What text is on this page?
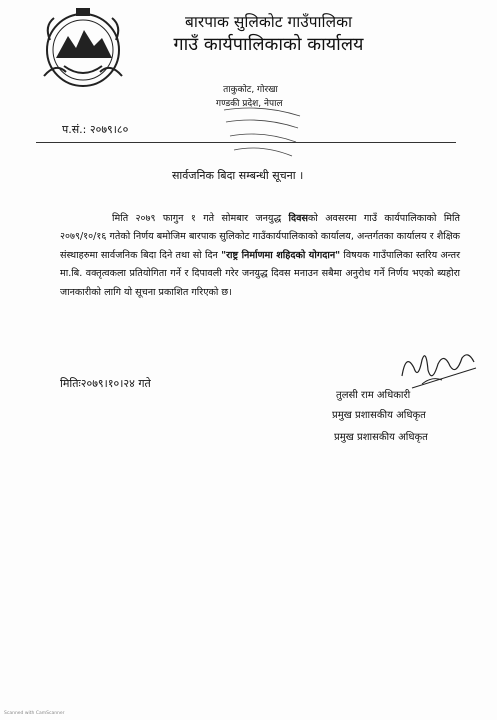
बारपाक सुलिकोट गाउँपालिका
गाउँ कार्यपालिकाको कार्यालय
ताकुकोट, गोरखा
गण्डकी प्रदेश, नेपाल
प.सं.: २०७९।८०
सार्वजनिक बिदा सम्बन्धी सूचना ।
मिति २०७९ फागुन १ गते सोमबार जनयुद्ध दिवसको अवसरमा गाउँ कार्यपालिकाको मिति २०७९/१०/१६ गतेको निर्णय बमोजिम बारपाक सुलिकोट गाउँकार्यपालिकाको कार्यालय, अन्तर्गतका कार्यालय र शैक्षिक संस्थाहरुमा सार्वजनिक बिदा दिने तथा सो दिन "राष्ट्र निर्माणमा शहिदको योगदान" विषयक गाउँपालिका स्तरिय अन्तर मा.बि. वक्तृत्वकला प्रतियोगिता गर्ने र दिपावली गरेर जनयुद्ध दिवस मनाउन सबैमा अनुरोध गर्ने निर्णय भएको ब्यहोरा जानकारीको लागि यो सूचना प्रकाशित गरिएको छ।
मितिः२०७९।१०।२४ गते
तुलसी राम अधिकारी
प्रमुख प्रशासकीय अधिकृत
प्रमुख प्रशासकीय अधिकृत
Scanned with CamScanner
